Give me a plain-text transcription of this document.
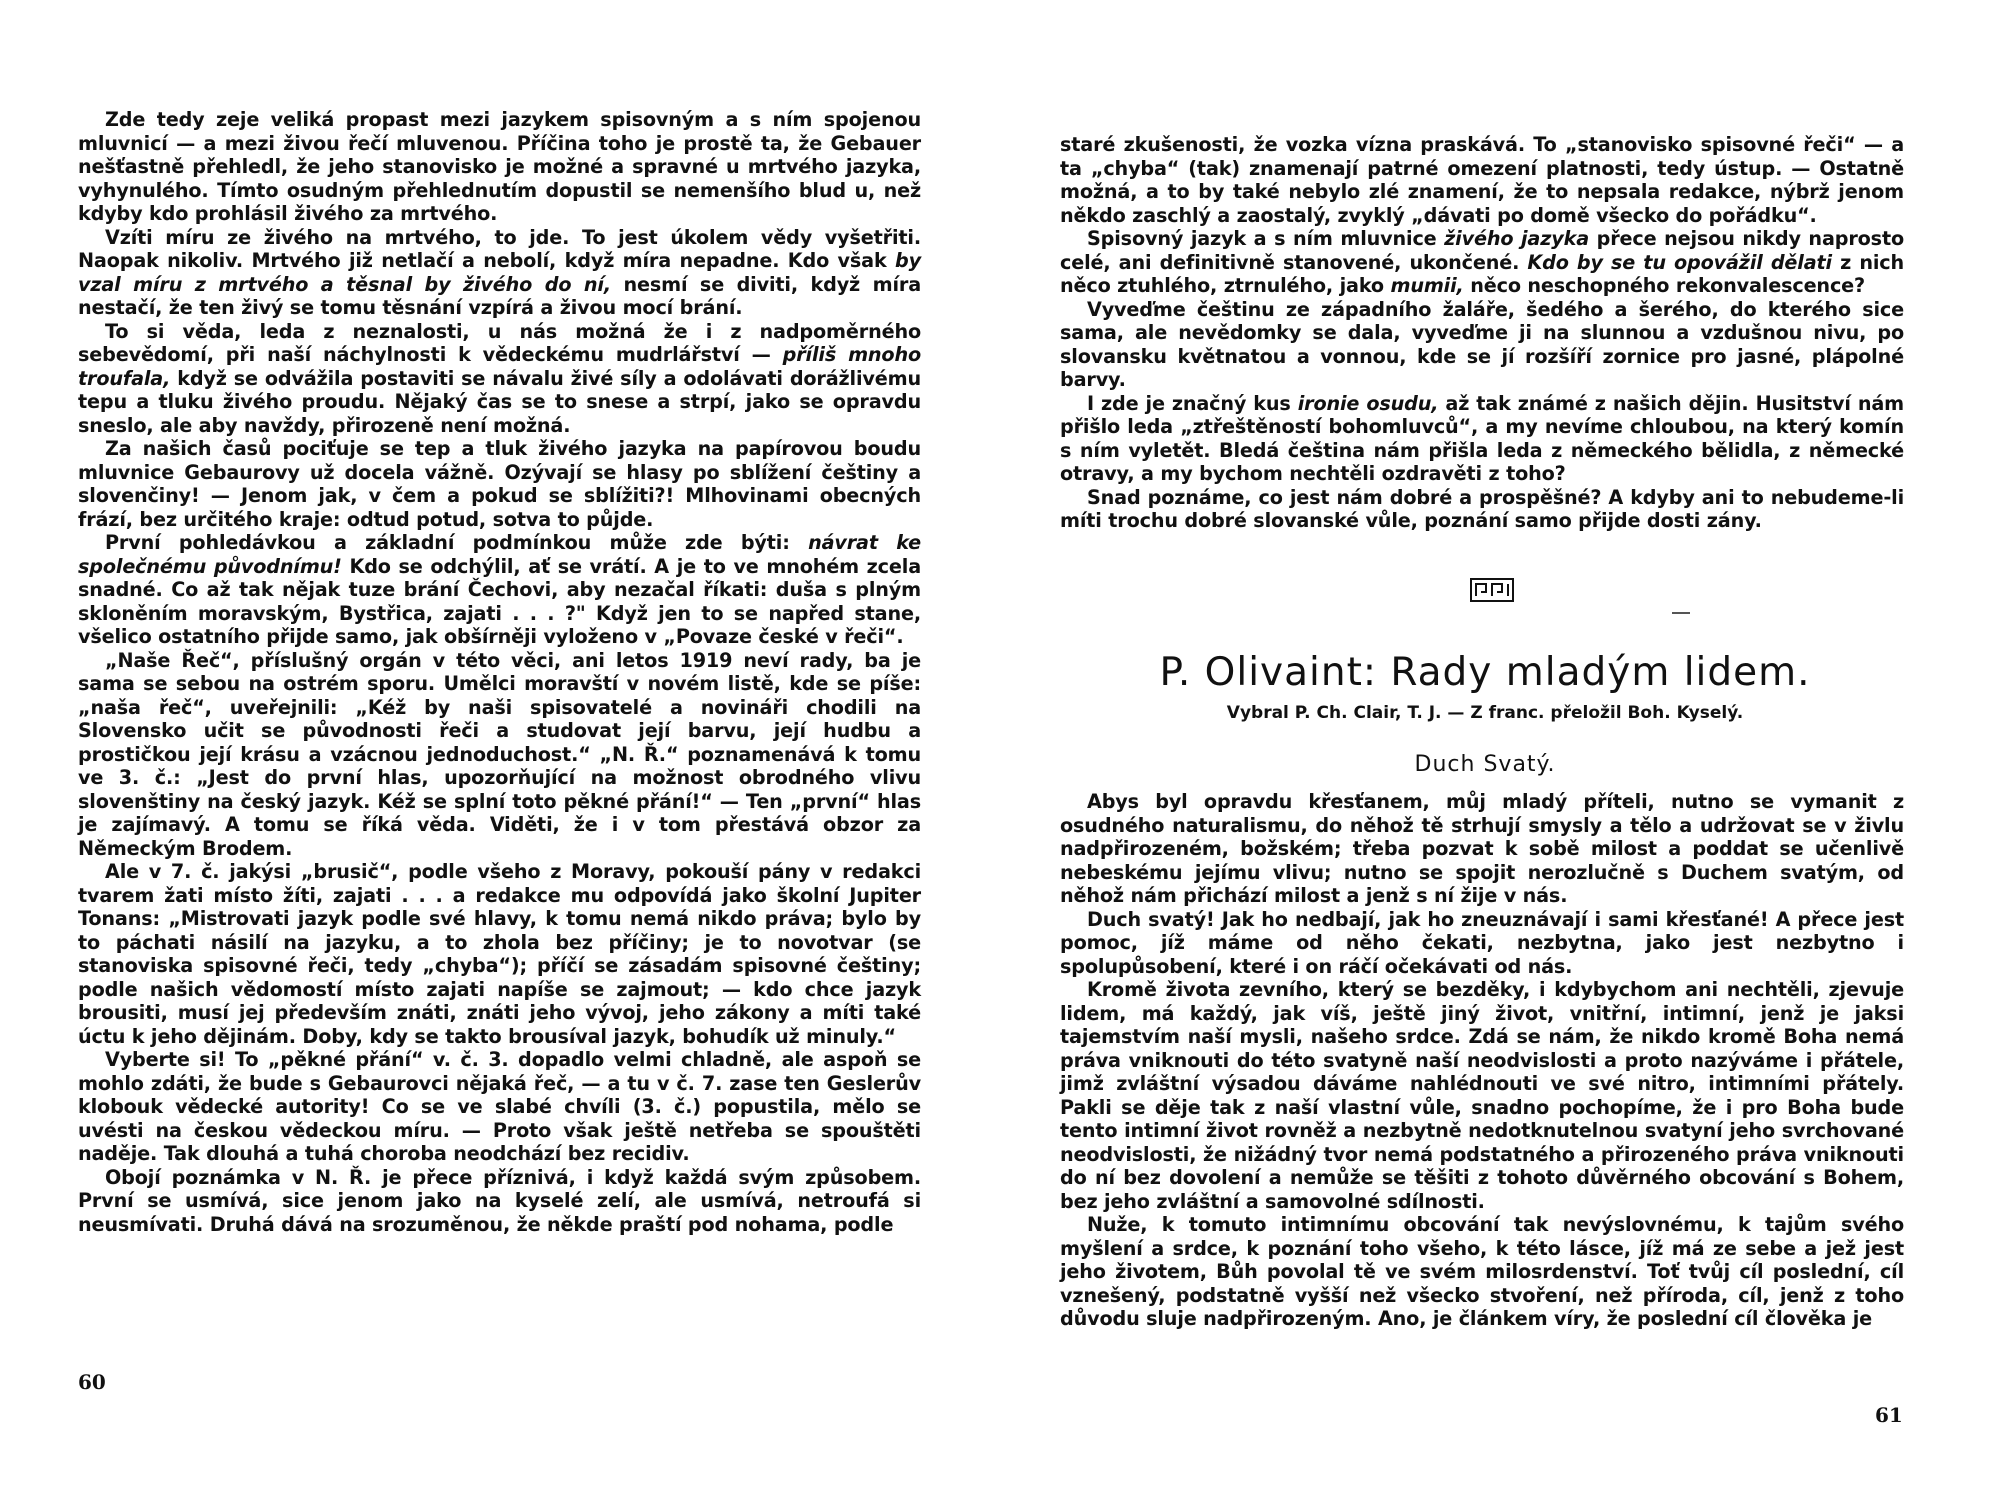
Zde tedy zeje veliká propast mezi jazykem spisovným a s ním spojenou mluvnicí — a mezi živou řečí mluvenou. Příčina toho je prostě ta, že Gebauer nešťastně přehledl, že jeho stanovisko je možné a spravné u mrtvého jazyka, vyhynulého. Tímto osudným přehlednutím dopustil se nemenšího blud u, než kdyby kdo prohlásil živého za mrtvého.

Vzíti míru ze živého na mrtvého, to jde. To jest úkolem vědy vyšetřiti. Naopak nikoliv. Mrtvého již netlačí a nebolí, když míra nepadne. Kdo však by vzal míru z mrtvého a těsnal by živého do ní, nesmí se diviti, když míra nestačí, že ten živý se tomu těsnání vzpírá a živou mocí brání.

To si věda, leda z neznalosti, u nás možná že i z nadpoměrného sebevědomí, při naší náchylnosti k vědeckému mudrlářství — příliš mnoho troufala, když se odvážila postaviti se návalu živé síly a odolávati dorážlivému tepu a tluku živého proudu. Nějaký čas se to snese a strpí, jako se opravdu sneslo, ale aby navždy, přirozeně není možná.

Za našich časů pociťuje se tep a tluk živého jazyka na papírovou boudu mluvnice Gebaurovy už docela vážně. Ozývají se hlasy po sblížení češtiny a slovenčiny! — Jenom jak, v čem a pokud se sblížiti?! Mlhovinami obecných frází, bez určitého kraje: odtud potud, sotva to půjde.

První pohledávkou a základní podmínkou může zde býti: návrat ke společnému původnímu! Kdo se odchýlil, ať se vrátí. A je to ve mnohém zcela snadné. Co až tak nějak tuze brání Čechovi, aby nezačal říkati: duša s plným skloněním moravským, Bystřica, zajati . . . ?" Když jen to se napřed stane, všelico ostatního přijde samo, jak obšírněji vyloženo v „Povaze české v řeči“.

„Naše Řeč“, příslušný orgán v této věci, ani letos 1919 neví rady, ba je sama se sebou na ostrém sporu. Umělci moravští v novém listě, kde se píše: „naša řeč“, uveřejnili: „Kéž by naši spisovatelé a novináři chodili na Slovensko učit se původnosti řeči a studovat její barvu, její hudbu a prostičkou její krásu a vzácnou jednoduchost.“ „N. Ř.“ poznamenává k tomu ve 3. č.: „Jest do první hlas, upozorňující na možnost obrodného vlivu slovenštiny na český jazyk. Kéž se splní toto pěkné přání!“ — Ten „první“ hlas je zajímavý. A tomu se říká věda. Viděti, že i v tom přestává obzor za Německým Brodem.

Ale v 7. č. jakýsi „brusič“, podle všeho z Moravy, pokouší pány v redakci tvarem žati místo žíti, zajati . . . a redakce mu odpovídá jako školní Jupiter Tonans: „Mistrovati jazyk podle své hlavy, k tomu nemá nikdo práva; bylo by to páchati násilí na jazyku, a to zhola bez příčiny; je to novotvar (se stanoviska spisovné řeči, tedy „chyba“); příčí se zásadám spisovné češtiny; podle našich vědomostí místo zajati napíše se zajmout; — kdo chce jazyk brousiti, musí jej především znáti, znáti jeho vývoj, jeho zákony a míti také úctu k jeho dějinám. Doby, kdy se takto brousíval jazyk, bohudík už minuly.“

Vyberte si! To „pěkné přání“ v. č. 3. dopadlo velmi chladně, ale aspoň se mohlo zdáti, že bude s Gebaurovci nějaká řeč, — a tu v č. 7. zase ten Geslerův klobouk vědecké autority! Co se ve slabé chvíli (3. č.) popustila, mělo se uvésti na českou vědeckou míru. — Proto však ještě netřeba se spouštěti naděje. Tak dlouhá a tuhá choroba neodchází bez recidiv.

Obojí poznámka v N. Ř. je přece příznivá, i když každá svým způsobem. První se usmívá, sice jenom jako na kyselé zelí, ale usmívá, netroufá si neusmívati. Druhá dává na srozuměnou, že někde praští pod nohama, podle

60

staré zkušenosti, že vozka vízna praskává. To „stanovisko spisovné řeči“ — a ta „chyba“ (tak) znamenají patrné omezení platnosti, tedy ústup. — Ostatně možná, a to by také nebylo zlé znamení, že to nepsala redakce, nýbrž jenom někdo zaschlý a zaostalý, zvyklý „dávati po domě všecko do pořádku“.

Spisovný jazyk a s ním mluvnice živého jazyka přece nejsou nikdy naprosto celé, ani definitivně stanovené, ukončené. Kdo by se tu opovážil dělati z nich něco ztuhlého, ztrnulého, jako mumii, něco neschopného rekonvalescence?

Vyveďme češtinu ze západního žaláře, šedého a šerého, do kterého sice sama, ale nevědomky se dala, vyveďme ji na slunnou a vzdušnou nivu, po slovansku květnatou a vonnou, kde se jí rozšíří zornice pro jasné, plápolné barvy.

I zde je značný kus ironie osudu, až tak známé z našich dějin. Husitství nám přišlo leda „ztřeštěností bohomluvců“, a my nevíme chloubou, na který komín s ním vyletět. Bledá čeština nám přišla leda z německého bělidla, z německé otravy, a my bychom nechtěli ozdravěti z toho?

Snad poznáme, co jest nám dobré a prospěšné? A kdyby ani to nebudeme-li míti trochu dobré slovanské vůle, poznání samo přijde dosti zány.

P. Olivaint: Rady mladým lidem.

Vybral P. Ch. Clair, T. J. — Z franc. přeložil Boh. Kyselý.

Duch Svatý.

Abys byl opravdu křesťanem, můj mladý příteli, nutno se vymanit z osudného naturalismu, do něhož tě strhují smysly a tělo a udržovat se v živlu nadpřirozeném, božském; třeba pozvat k sobě milost a poddat se učenlivě nebeskému jejímu vlivu; nutno se spojit nerozlučně s Duchem svatým, od něhož nám přichází milost a jenž s ní žije v nás.

Duch svatý! Jak ho nedbají, jak ho zneuznávají i sami křesťané! A přece jest pomoc, jíž máme od něho čekati, nezbytna, jako jest nezbytno i spolupůsobení, které i on ráčí očekávati od nás.

Kromě života zevního, který se bezděky, i kdybychom ani nechtěli, zjevuje lidem, má každý, jak víš, ještě jiný život, vnitřní, intimní, jenž je jaksi tajemstvím naší mysli, našeho srdce. Zdá se nám, že nikdo kromě Boha nemá práva vniknouti do této svatyně naší neodvislosti a proto nazýváme i přátele, jimž zvláštní výsadou dáváme nahlédnouti ve své nitro, intimními přátely. Pakli se děje tak z naší vlastní vůle, snadno pochopíme, že i pro Boha bude tento intimní život rovněž a nezbytně nedotknutelnou svatyní jeho svrchované neodvislosti, že nižádný tvor nemá podstatného a přirozeného práva vniknouti do ní bez dovolení a nemůže se těšiti z tohoto důvěrného obcování s Bohem, bez jeho zvláštní a samovolné sdílnosti.

Nuže, k tomuto intimnímu obcování tak nevýslovnému, k tajům svého myšlení a srdce, k poznání toho všeho, k této lásce, jíž má ze sebe a jež jest jeho životem, Bůh povolal tě ve svém milosrdenství. Toť tvůj cíl poslední, cíl vznešený, podstatně vyšší než všecko stvoření, než příroda, cíl, jenž z toho důvodu sluje nadpřirozeným. Ano, je článkem víry, že poslední cíl člověka je

61
